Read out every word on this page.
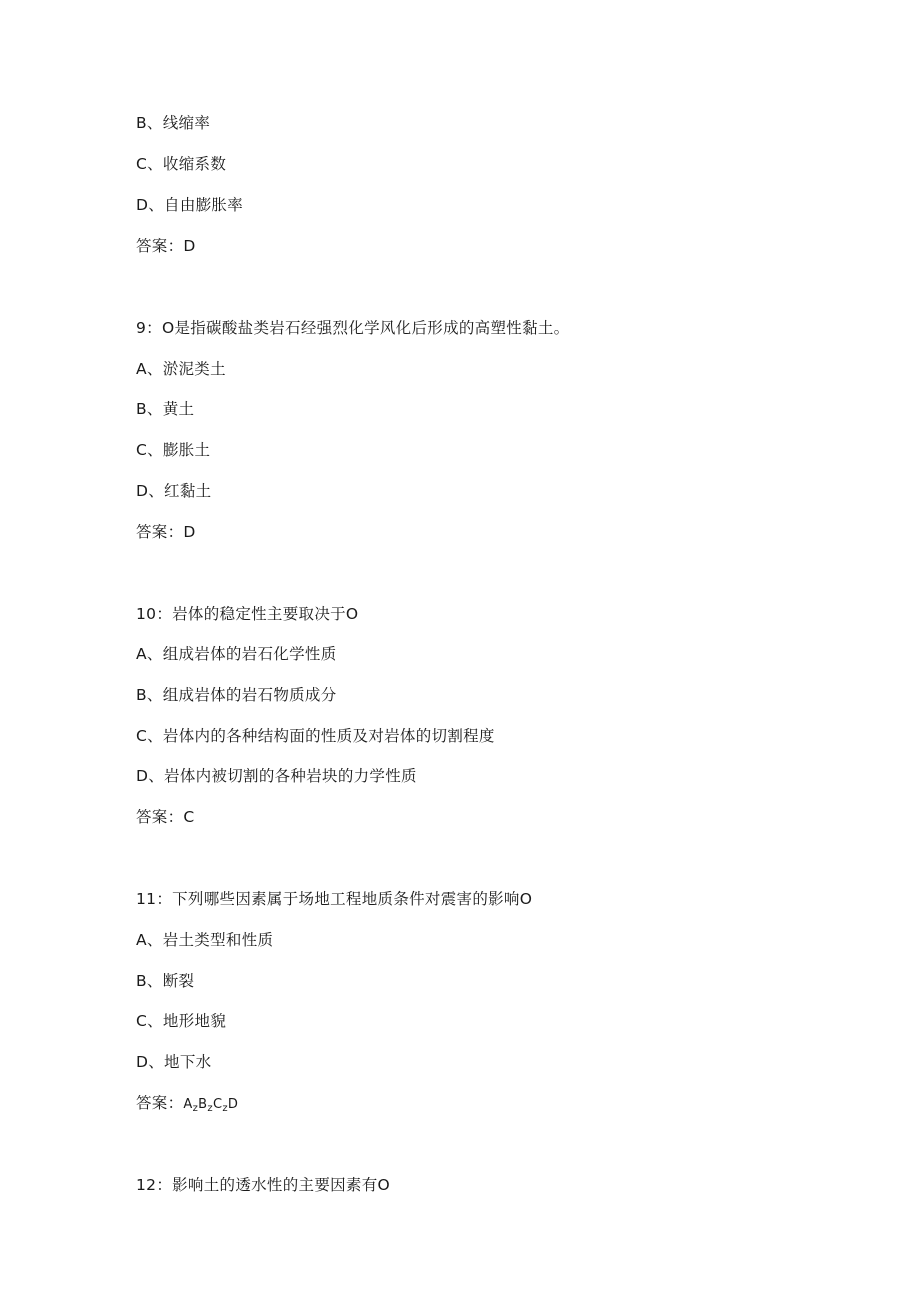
B、线缩率
C、收缩系数
D、自由膨胀率
答案：D
9：O是指碳酸盐类岩石经强烈化学风化后形成的高塑性黏土。
A、淤泥类土
B、黄土
C、膨胀土
D、红黏土
答案：D
10：岩体的稳定性主要取决于O
A、组成岩体的岩石化学性质
B、组成岩体的岩石物质成分
C、岩体内的各种结构面的性质及对岩体的切割程度
D、岩体内被切割的各种岩块的力学性质
答案：C
11：下列哪些因素属于场地工程地质条件对震害的影响O
A、岩土类型和性质
B、断裂
C、地形地貌
D、地下水
答案：$A_zB_zC_zD$
12：影响土的透水性的主要因素有O
